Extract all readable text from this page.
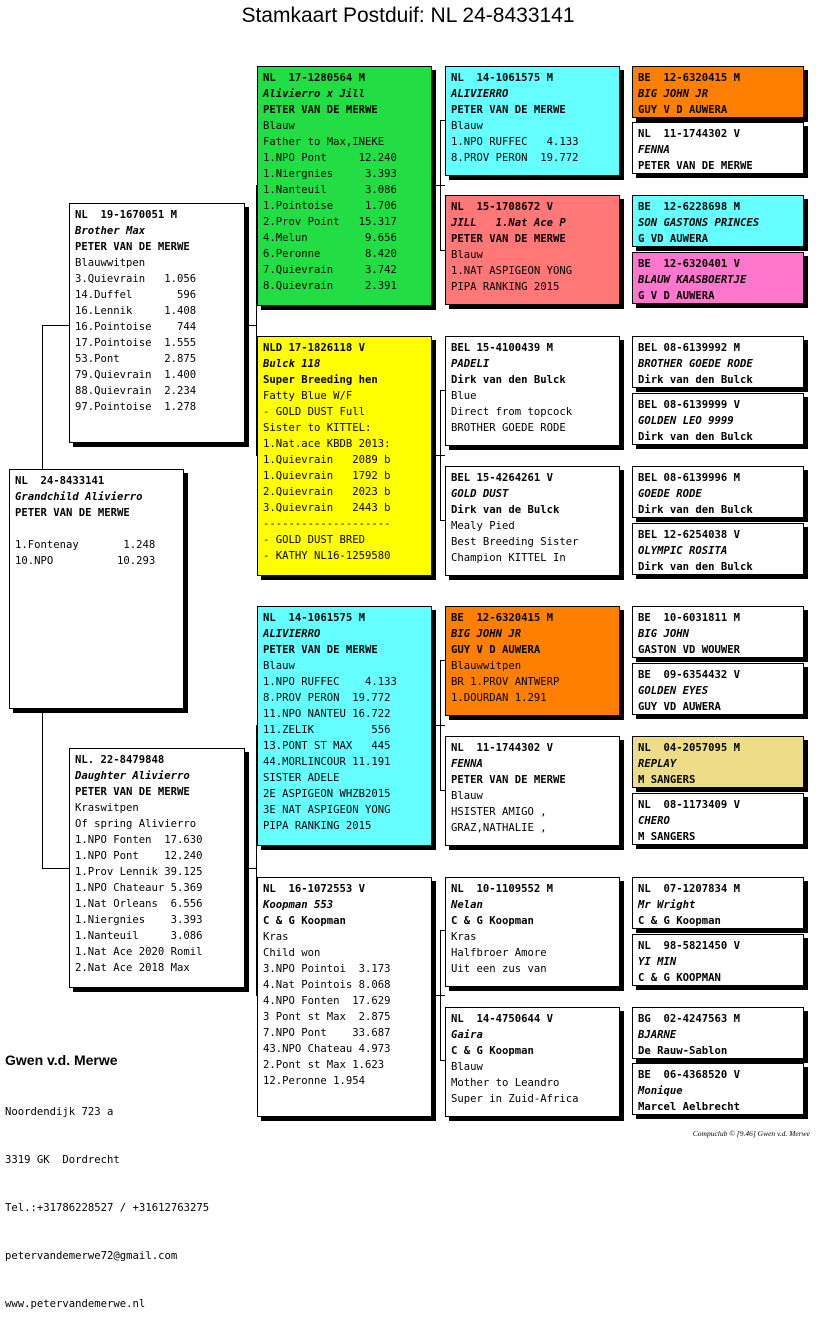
Stamkaart Postduif: NL 24-8433141
NL  24-8433141
Grandchild Alivierro
PETER VAN DE MERWE
1.Fontenay       1.248
10.NPO          10.293
NL  19-1670051 M
Brother Max
PETER VAN DE MERWE
Blauwwitpen
3.Quievrain   1.056
14.Duffel       596
16.Lennik     1.408
16.Pointoise    744
17.Pointoise  1.555
53.Pont       2.875
79.Quievrain  1.400
88.Quievrain  2.234
97.Pointoise  1.278
NL. 22-8479848
Daughter Alivierro
PETER VAN DE MERWE
Kraswitpen
Of spring Alivierro
1.NPO Fonten  17.630
1.NPO Pont    12.240
1.Prov Lennik 39.125
1.NPO Chateaur 5.369
1.Nat Orleans  6.556
1.Niergnies    3.393
1.Nanteuil     3.086
1.Nat Ace 2020 Romil
2.Nat Ace 2018 Max
NL  17-1280564 M
Alivierro x Jill
PETER VAN DE MERWE
Blauw
Father to Max,INEKE
1.NPO Pont     12.240
1.Niergnies     3.393
1.Nanteuil      3.086
1.Pointoise     1.706
2.Prov Point   15.317
4.Melun         9.656
6.Peronne       8.420
7.Quievrain     3.742
8.Quievrain     2.391
NLD 17-1826118 V
Bulck 118
Super Breeding hen
Fatty Blue W/F
- GOLD DUST Full
Sister to KITTEL:
1.Nat.ace KBDB 2013:
1.Quievrain   2089 b
1.Quievrain   1792 b
2.Quievrain   2023 b
3.Quievrain   2443 b
--------------------
- GOLD DUST BRED
- KATHY NL16-1259580
NL  14-1061575 M
ALIVIERRO
PETER VAN DE MERWE
Blauw
1.NPO RUFFEC    4.133
8.PROV PERON  19.772
11.NPO NANTEU 16.722
11.ZELIK         556
13.PONT ST MAX   445
44.MORLINCOUR 11.191
SISTER ADELE
2E ASPIGEON WHZB2015
3E NAT ASPIGEON YONG
PIPA RANKING 2015
NL  16-1072553 V
Koopman 553
C & G Koopman
Kras
Child won
3.NPO Pointoi  3.173
4.Nat Pointois 8.068
4.NPO Fonten  17.629
3 Pont st Max  2.875
7.NPO Pont    33.687
43.NPO Chateau 4.973
2.Pont st Max 1.623
12.Peronne 1.954
NL  14-1061575 M
ALIVIERRO
PETER VAN DE MERWE
Blauw
1.NPO RUFFEC   4.133
8.PROV PERON  19.772
NL  15-1708672 V
JILL   1.Nat Ace P
PETER VAN DE MERWE
Blauw
1.NAT ASPIGEON YONG
PIPA RANKING 2015
BEL 15-4100439 M
PADELI
Dirk van den Bulck
Blue
Direct from topcock
BROTHER GOEDE RODE
BEL 15-4264261 V
GOLD DUST
Dirk van de Bulck
Mealy Pied
Best Breeding Sister
Champion KITTEL In
BE  12-6320415 M
BIG JOHN JR
GUY V D AUWERA
Blauwwitpen
BR 1.PROV ANTWERP
1.DOURDAN 1.291
NL  11-1744302 V
FENNA
PETER VAN DE MERWE
Blauw
HSISTER AMIGO ,
GRAZ,NATHALIE ,
NL  10-1109552 M
Nelan
C & G Koopman
Kras
Halfbroer Amore
Uit een zus van
NL  14-4750644 V
Gaira
C & G Koopman
Blauw
Mother to Leandro
Super in Zuid-Africa
BE  12-6320415 M
BIG JOHN JR
GUY V D AUWERA
NL  11-1744302 V
FENNA
PETER VAN DE MERWE
BE  12-6228698 M
SON GASTONS PRINCES
G VD AUWERA
BE  12-6320401 V
BLAUW KAASBOERTJE
G V D AUWERA
BEL 08-6139992 M
BROTHER GOEDE RODE
Dirk van den Bulck
BEL 08-6139999 V
GOLDEN LEO 9999
Dirk van den Bulck
BEL 08-6139996 M
GOEDE RODE
Dirk van den Bulck
BEL 12-6254038 V
OLYMPIC ROSITA
Dirk van den Bulck
BE  10-6031811 M
BIG JOHN
GASTON VD WOUWER
BE  09-6354432 V
GOLDEN EYES
GUY VD AUWERA
NL  04-2057095 M
REPLAY
M SANGERS
NL  08-1173409 V
CHERO
M SANGERS
NL  07-1207834 M
Mr Wright
C & G Koopman
NL  98-5821450 V
YI MIN
C & G KOOPMAN
BG  02-4247563 M
BJARNE
De Rauw-Sablon
BE  06-4368520 V
Monique
Marcel Aelbrecht

Gwen v.d. Merwe

Noordendijk 723 a

3319 GK  Dordrecht

Tel.:+31786228527 / +31612763275

petervandemerwe72@gmail.com

www.petervandemerwe.nl

Compuclub © [9.46] Gwen v.d. Merwe
